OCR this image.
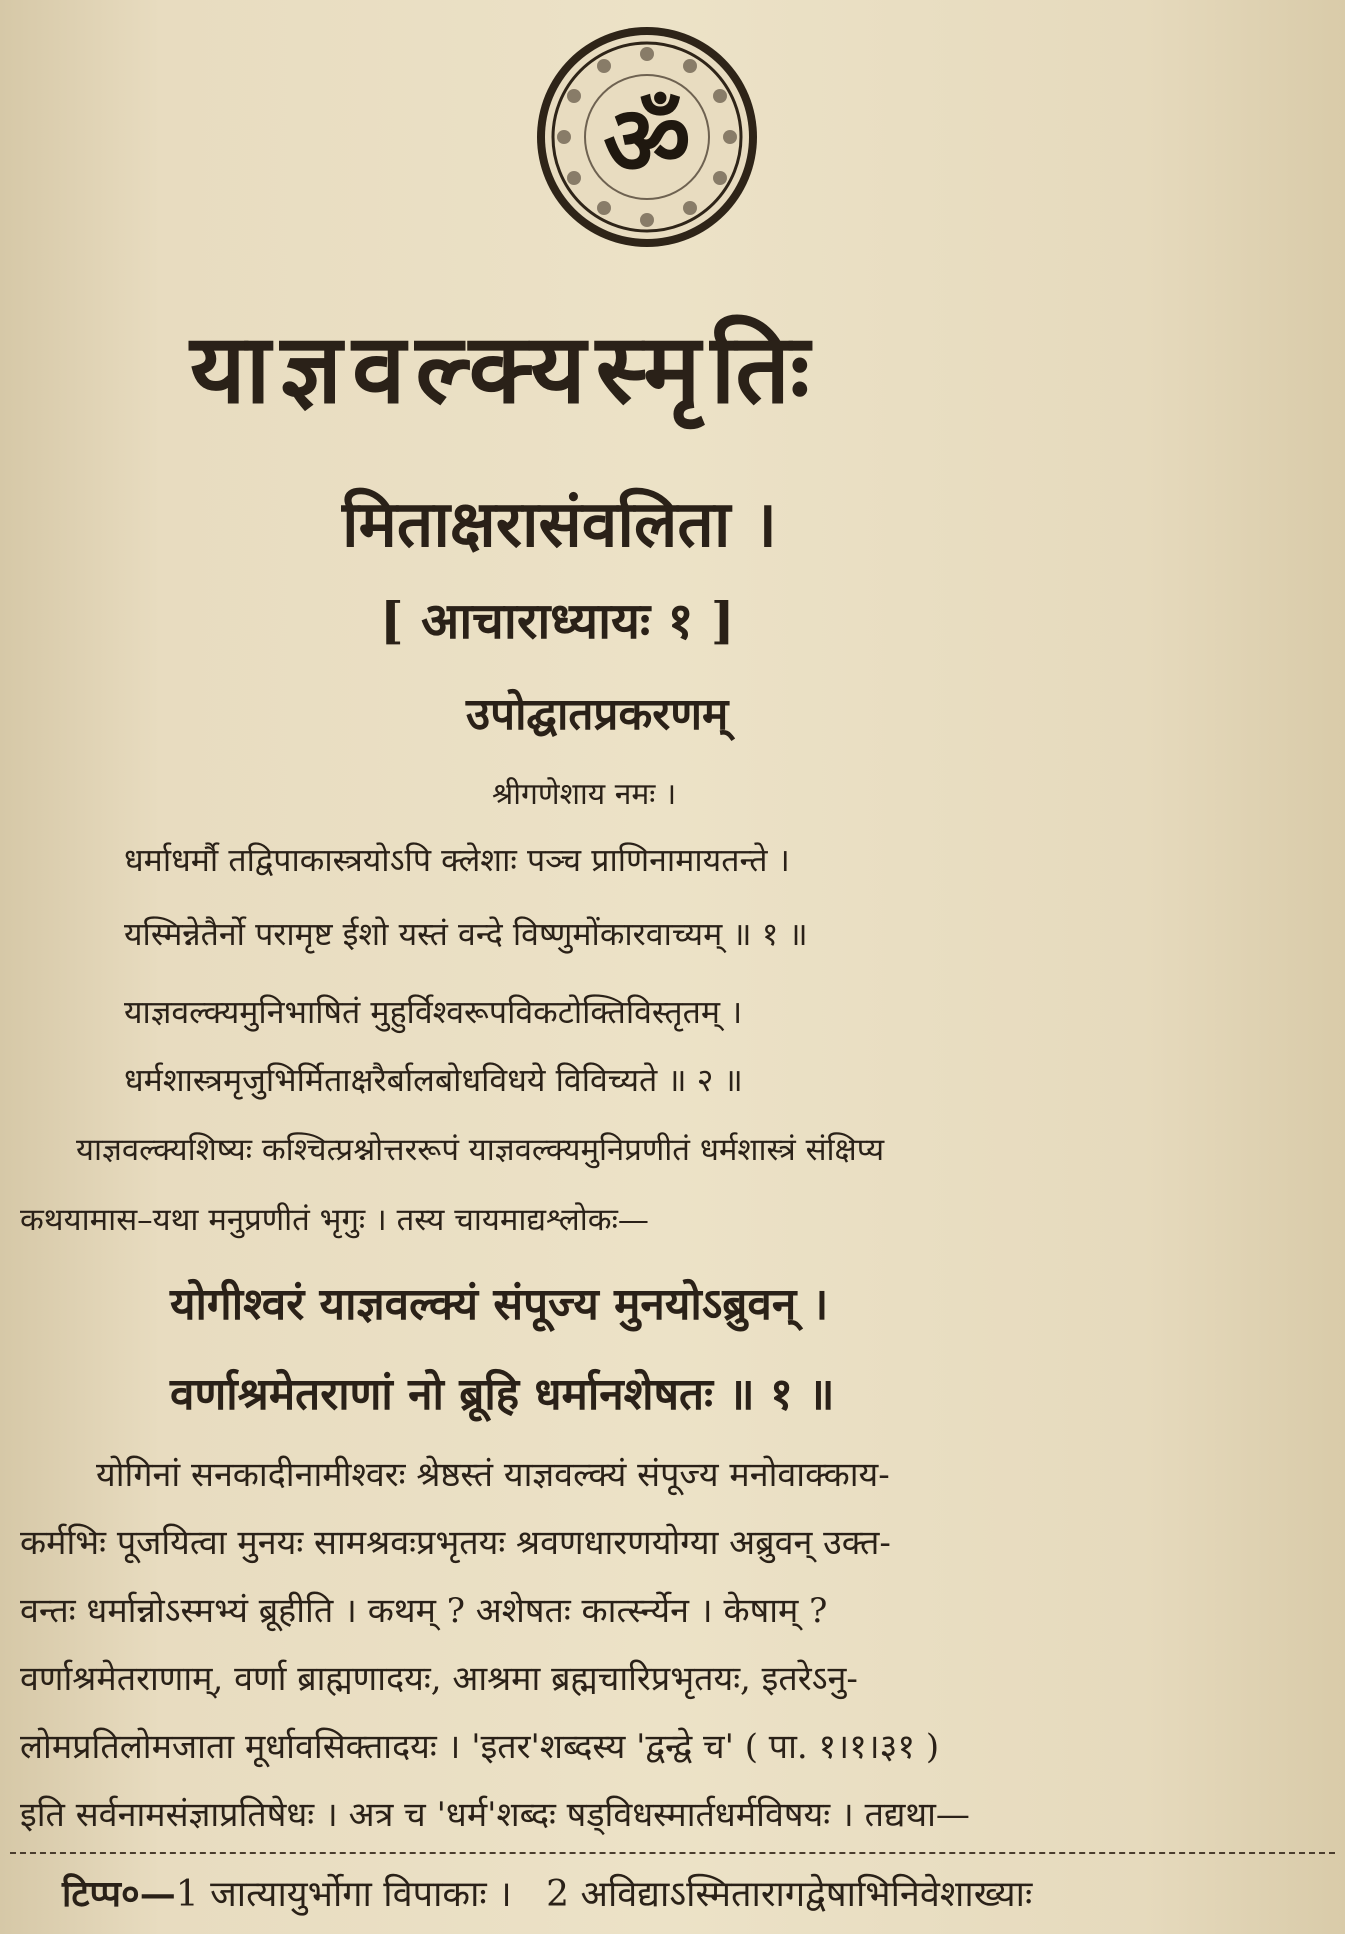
ॐ
याज्ञवल्क्यस्मृतिः
मिताक्षरासंवलिता ।
[ आचाराध्यायः १ ]
उपोद्घातप्रकरणम्
श्रीगणेशाय नमः ।
धर्माधर्मौ तद्विपाकास्त्रयोऽपि क्लेशाः पञ्च प्राणिनामायतन्ते ।
यस्मिन्नेतैर्नो परामृष्ट ईशो यस्तं वन्दे विष्णुमोंकारवाच्यम् ॥ १ ॥
याज्ञवल्क्यमुनिभाषितं मुहुर्विश्वरूपविकटोक्तिविस्तृतम् ।
धर्मशास्त्रमृजुभिर्मिताक्षरैर्बालबोधविधये विविच्यते ॥ २ ॥
याज्ञवल्क्यशिष्यः कश्चित्प्रश्नोत्तररूपं याज्ञवल्क्यमुनिप्रणीतं धर्मशास्त्रं संक्षिप्य
कथयामास–यथा मनुप्रणीतं भृगुः । तस्य चायमाद्यश्लोकः—
योगीश्वरं याज्ञवल्क्यं संपूज्य मुनयोऽब्रुवन् ।
वर्णाश्रमेतराणां नो ब्रूहि धर्मानशेषतः ॥ १ ॥
योगिनां सनकादीनामीश्वरः श्रेष्ठस्तं याज्ञवल्क्यं संपूज्य मनोवाक्काय-
कर्मभिः पूजयित्वा मुनयः सामश्रवःप्रभृतयः श्रवणधारणयोग्या अब्रुवन् उक्त-
वन्तः धर्मान्नोऽस्मभ्यं ब्रूहीति । कथम् ? अशेषतः कार्त्स्न्येन । केषाम् ?
वर्णाश्रमेतराणाम्, वर्णा ब्राह्मणादयः, आश्रमा ब्रह्मचारिप्रभृतयः, इतरेऽनु-
लोमप्रतिलोमजाता मूर्धावसिक्तादयः । 'इतर'शब्दस्य 'द्वन्द्वे च' ( पा. १।१।३१ )
इति सर्वनामसंज्ञाप्रतिषेधः । अत्र च 'धर्म'शब्दः षड्विधस्मार्तधर्मविषयः । तद्यथा—
टिप्प०—1 जात्यायुर्भोगा विपाकाः । 2 अविद्याऽस्मितारागद्वेषाभिनिवेशाख्याः
